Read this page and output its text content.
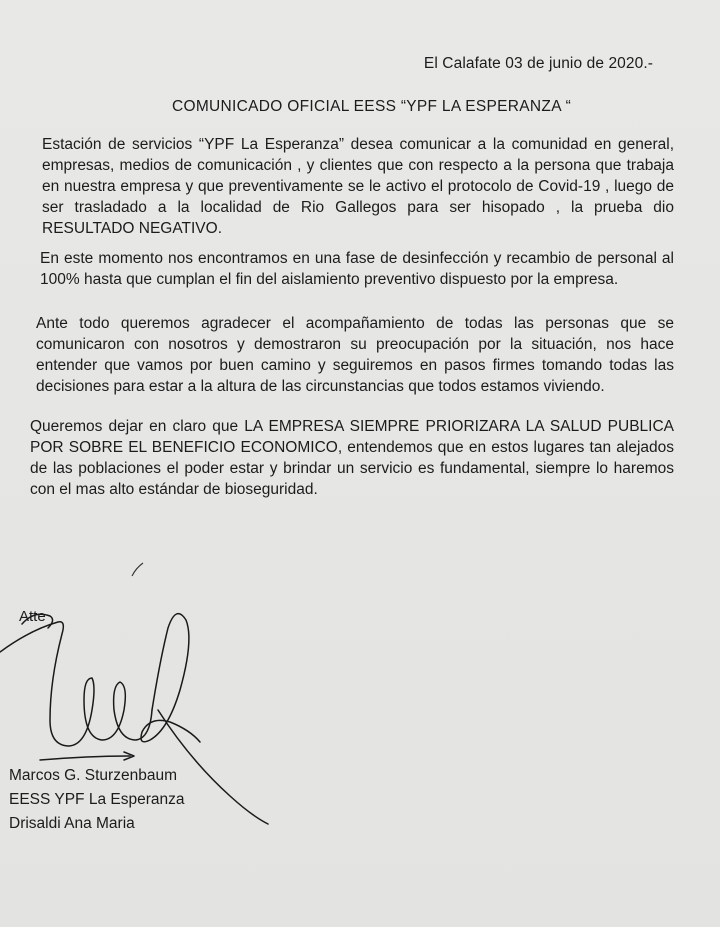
El Calafate 03 de junio de 2020.-
COMUNICADO OFICIAL EESS “YPF LA ESPERANZA “
Estación de servicios “YPF La Esperanza” desea comunicar a la comunidad en general, empresas, medios de comunicación , y clientes que con respecto a la persona que trabaja en nuestra empresa y que preventivamente se le activo el protocolo de Covid-19 , luego de ser trasladado a la localidad de Rio Gallegos para ser hisopado , la prueba dio RESULTADO NEGATIVO.
En este momento nos encontramos en una fase de desinfección y recambio de personal al 100% hasta que cumplan el fin del aislamiento preventivo dispuesto por la empresa.
Ante todo queremos agradecer el acompañamiento de todas las personas que se comunicaron con nosotros y demostraron su preocupación por la situación, nos hace entender que vamos por buen camino y seguiremos en pasos firmes tomando todas las decisiones para estar a la altura de las circunstancias que todos estamos viviendo.
Queremos dejar en claro que LA EMPRESA SIEMPRE PRIORIZARA LA SALUD PUBLICA POR SOBRE EL BENEFICIO ECONOMICO, entendemos que en estos lugares tan alejados de las poblaciones el poder estar y brindar un servicio es fundamental, siempre lo haremos con el mas alto estándar de bioseguridad.
Atte
Marcos G. Sturzenbaum
EESS YPF La Esperanza
Drisaldi Ana Maria
